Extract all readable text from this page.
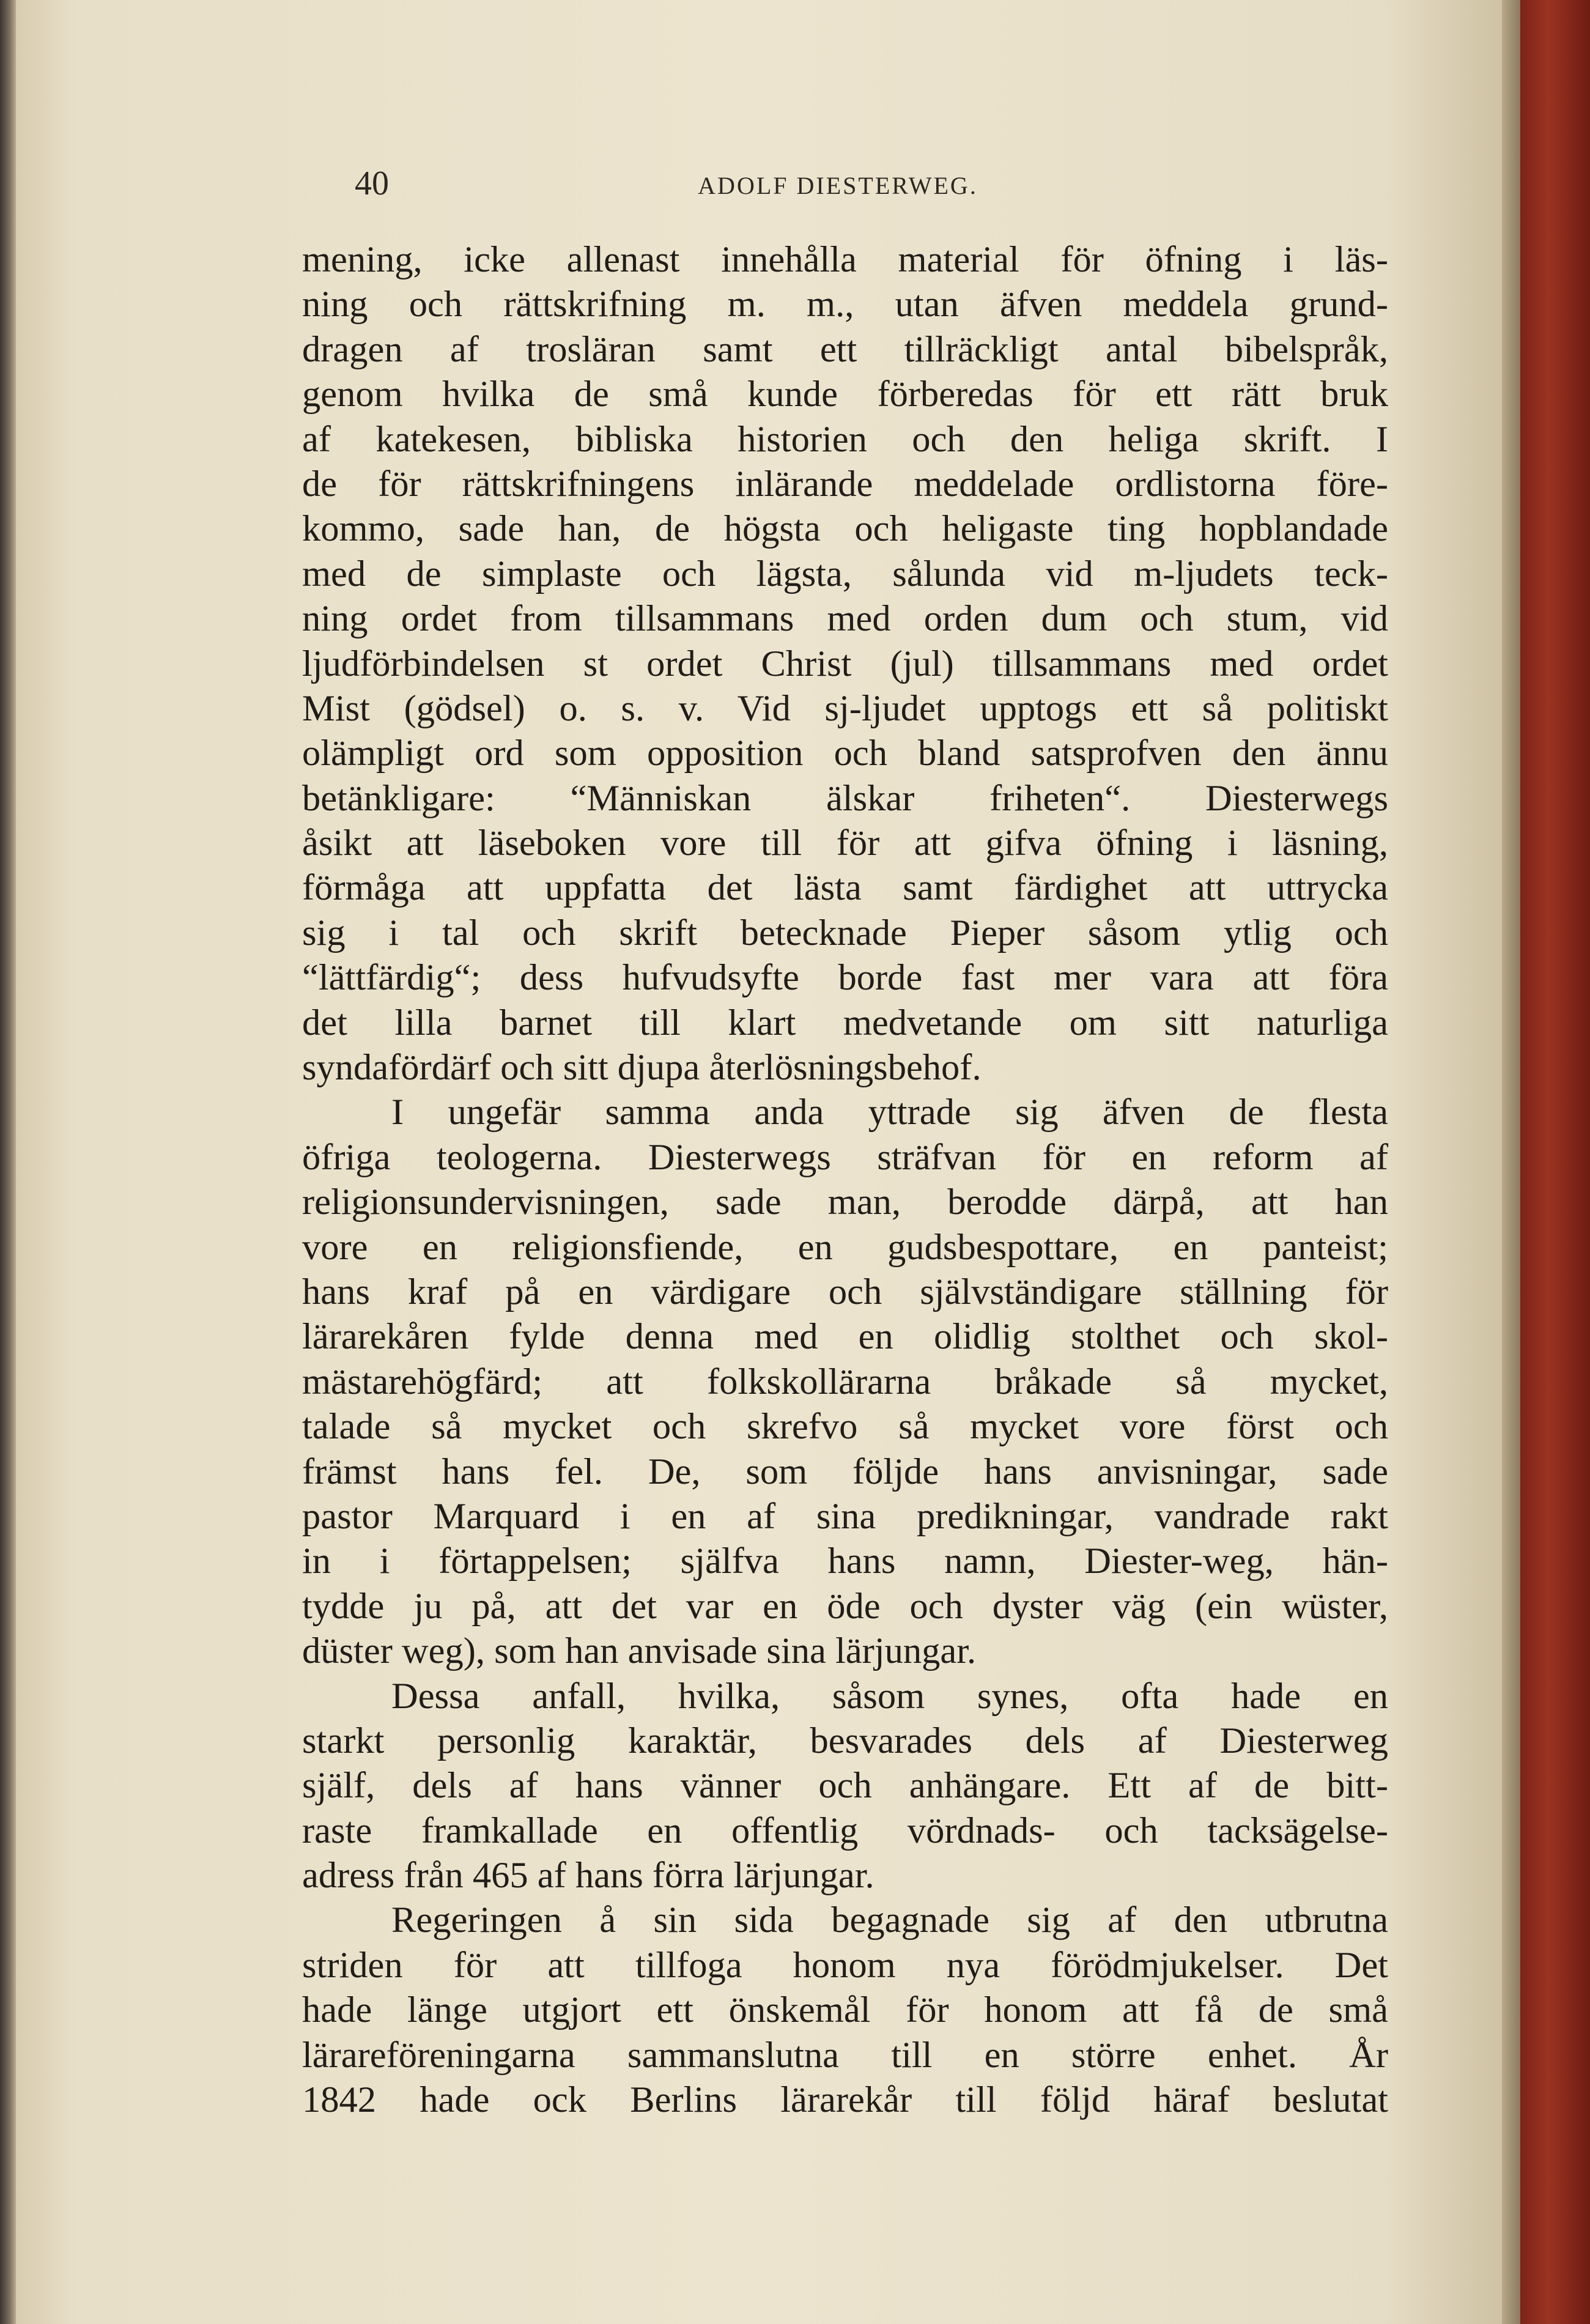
40	ADOLF DIESTERWEG.
mening, icke allenast innehålla material för öfning i läs-
ning och rättskrifning m. m., utan äfven meddela grund-
dragen af trosläran samt ett tillräckligt antal bibelspråk,
genom hvilka de små kunde förberedas för ett rätt bruk
af katekesen, bibliska historien och den heliga skrift. I
de för rättskrifningens inlärande meddelade ordlistorna före-
kommo, sade han, de högsta och heligaste ting hopblandade
med de simplaste och lägsta, sålunda vid m-ljudets teck-
ning ordet from tillsammans med orden dum och stum, vid
ljudförbindelsen st ordet Christ (jul) tillsammans med ordet
Mist (gödsel) o. s. v. Vid sj-ljudet upptogs ett så politiskt
olämpligt ord som opposition och bland satsprofven den ännu
betänkligare: “Människan älskar friheten“. Diesterwegs
åsikt att läseboken vore till för att gifva öfning i läsning,
förmåga att uppfatta det lästa samt färdighet att uttrycka
sig i tal och skrift betecknade Pieper såsom ytlig och
“lättfärdig“; dess hufvudsyfte borde fast mer vara att föra
det lilla barnet till klart medvetande om sitt naturliga
syndafördärf och sitt djupa återlösningsbehof.
I ungefär samma anda yttrade sig äfven de flesta
öfriga teologerna. Diesterwegs sträfvan för en reform af
religionsundervisningen, sade man, berodde därpå, att han
vore en religionsfiende, en gudsbespottare, en panteist;
hans kraf på en värdigare och självständigare ställning för
lärarekåren fylde denna med en olidlig stolthet och skol-
mästarehögfärd; att folkskollärarna bråkade så mycket,
talade så mycket och skrefvo så mycket vore först och
främst hans fel. De, som följde hans anvisningar, sade
pastor Marquard i en af sina predikningar, vandrade rakt
in i förtappelsen; själfva hans namn, Diester-weg, hän-
tydde ju på, att det var en öde och dyster väg (ein wüster,
düster weg), som han anvisade sina lärjungar.
Dessa anfall, hvilka, såsom synes, ofta hade en
starkt personlig karaktär, besvarades dels af Diesterweg
själf, dels af hans vänner och anhängare. Ett af de bitt-
raste framkallade en offentlig vördnads- och tacksägelse-
adress från 465 af hans förra lärjungar.
Regeringen å sin sida begagnade sig af den utbrutna
striden för att tillfoga honom nya förödmjukelser. Det
hade länge utgjort ett önskemål för honom att få de små
lärareföreningarna sammanslutna till en större enhet. År
1842 hade ock Berlins lärarekår till följd häraf beslutat
